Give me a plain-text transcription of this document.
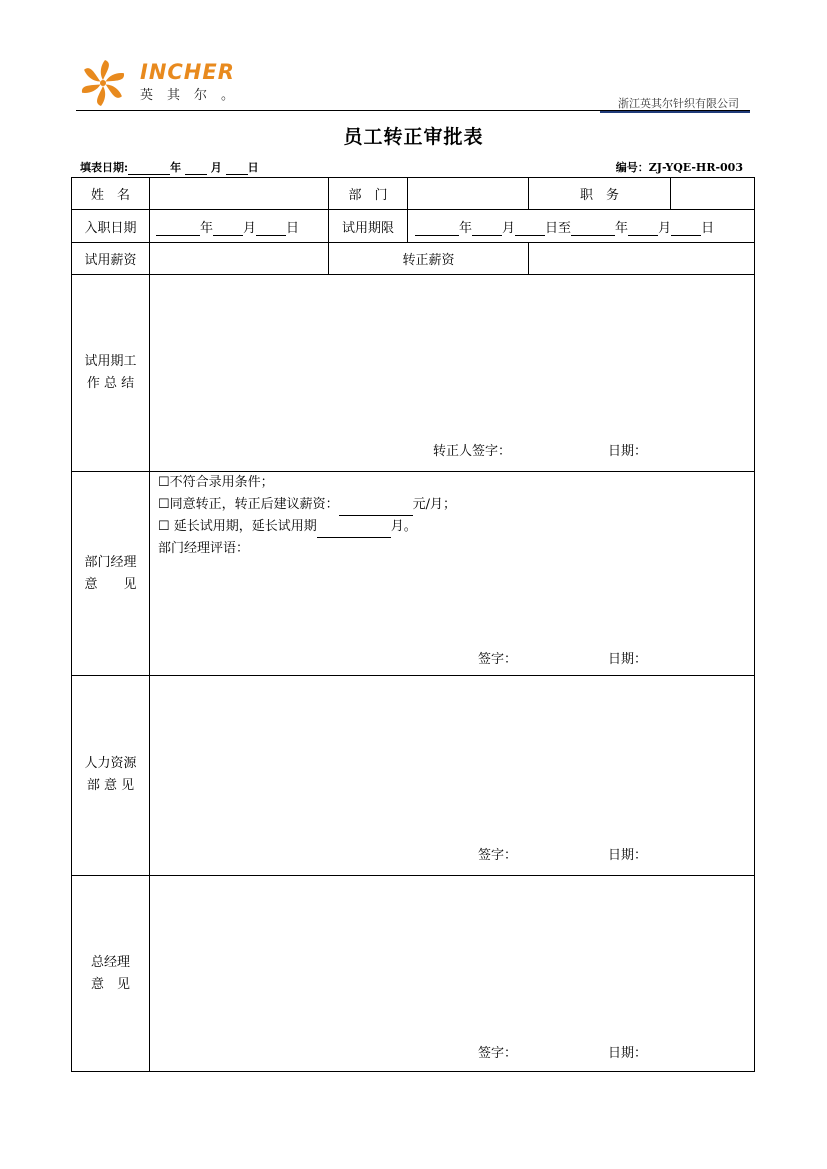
INCHER
英其尔。
浙江英其尔针织有限公司
员工转正审批表
填表日期:	年	月 日	编号：ZJ-YQE-HR-003
姓　名	部　门	职　务
入职日期	年 月 日	试用期限	年 月 日至	年 月 日
试用薪资	转正薪资
试用期工
作 总 结
转正人签字：	日期：
部门经理
意　　见
☐不符合录用条件；
☐同意转正，转正后建议薪资：	元/月；
☐ 延长试用期，延长试用期	月。
部门经理评语：
签字：	日期：
人力资源
部 意 见
签字：	日期：
总经理
意　见
签字：	日期：
